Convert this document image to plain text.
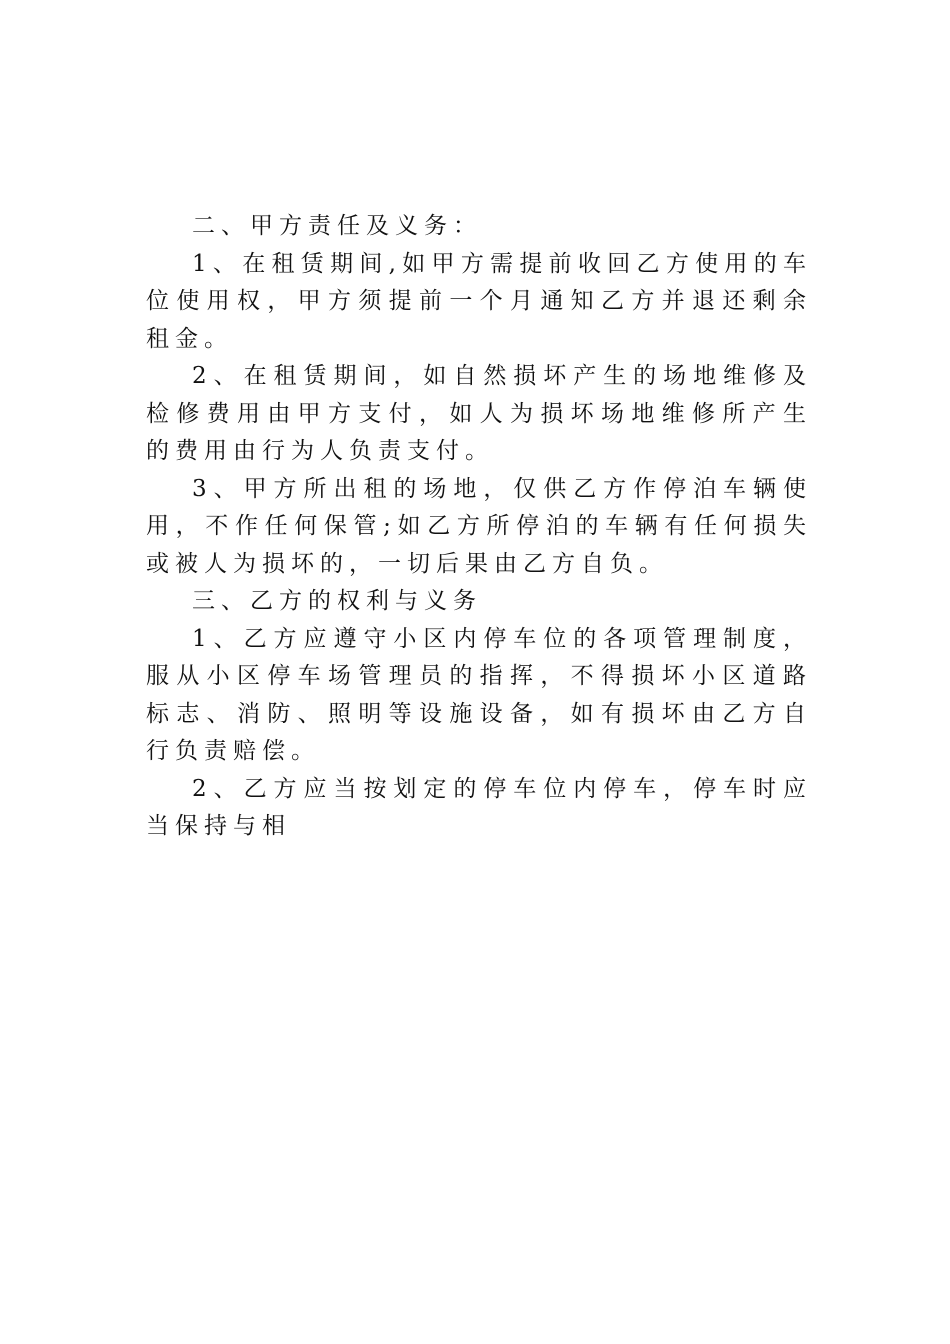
二、甲方责任及义务：

1、在租赁期间,如甲方需提前收回乙方使用的车位使用权，甲方须提前一个月通知乙方并退还剩余租金。

2、在租赁期间，如自然损坏产生的场地维修及检修费用由甲方支付，如人为损坏场地维修所产生的费用由行为人负责支付。

3、甲方所出租的场地，仅供乙方作停泊车辆使用，不作任何保管;如乙方所停泊的车辆有任何损失或被人为损坏的，一切后果由乙方自负。

三、乙方的权利与义务

1、乙方应遵守小区内停车位的各项管理制度，服从小区停车场管理员的指挥，不得损坏小区道路标志、消防、照明等设施设备，如有损坏由乙方自行负责赔偿。

2、乙方应当按划定的停车位内停车，停车时应当保持与相
